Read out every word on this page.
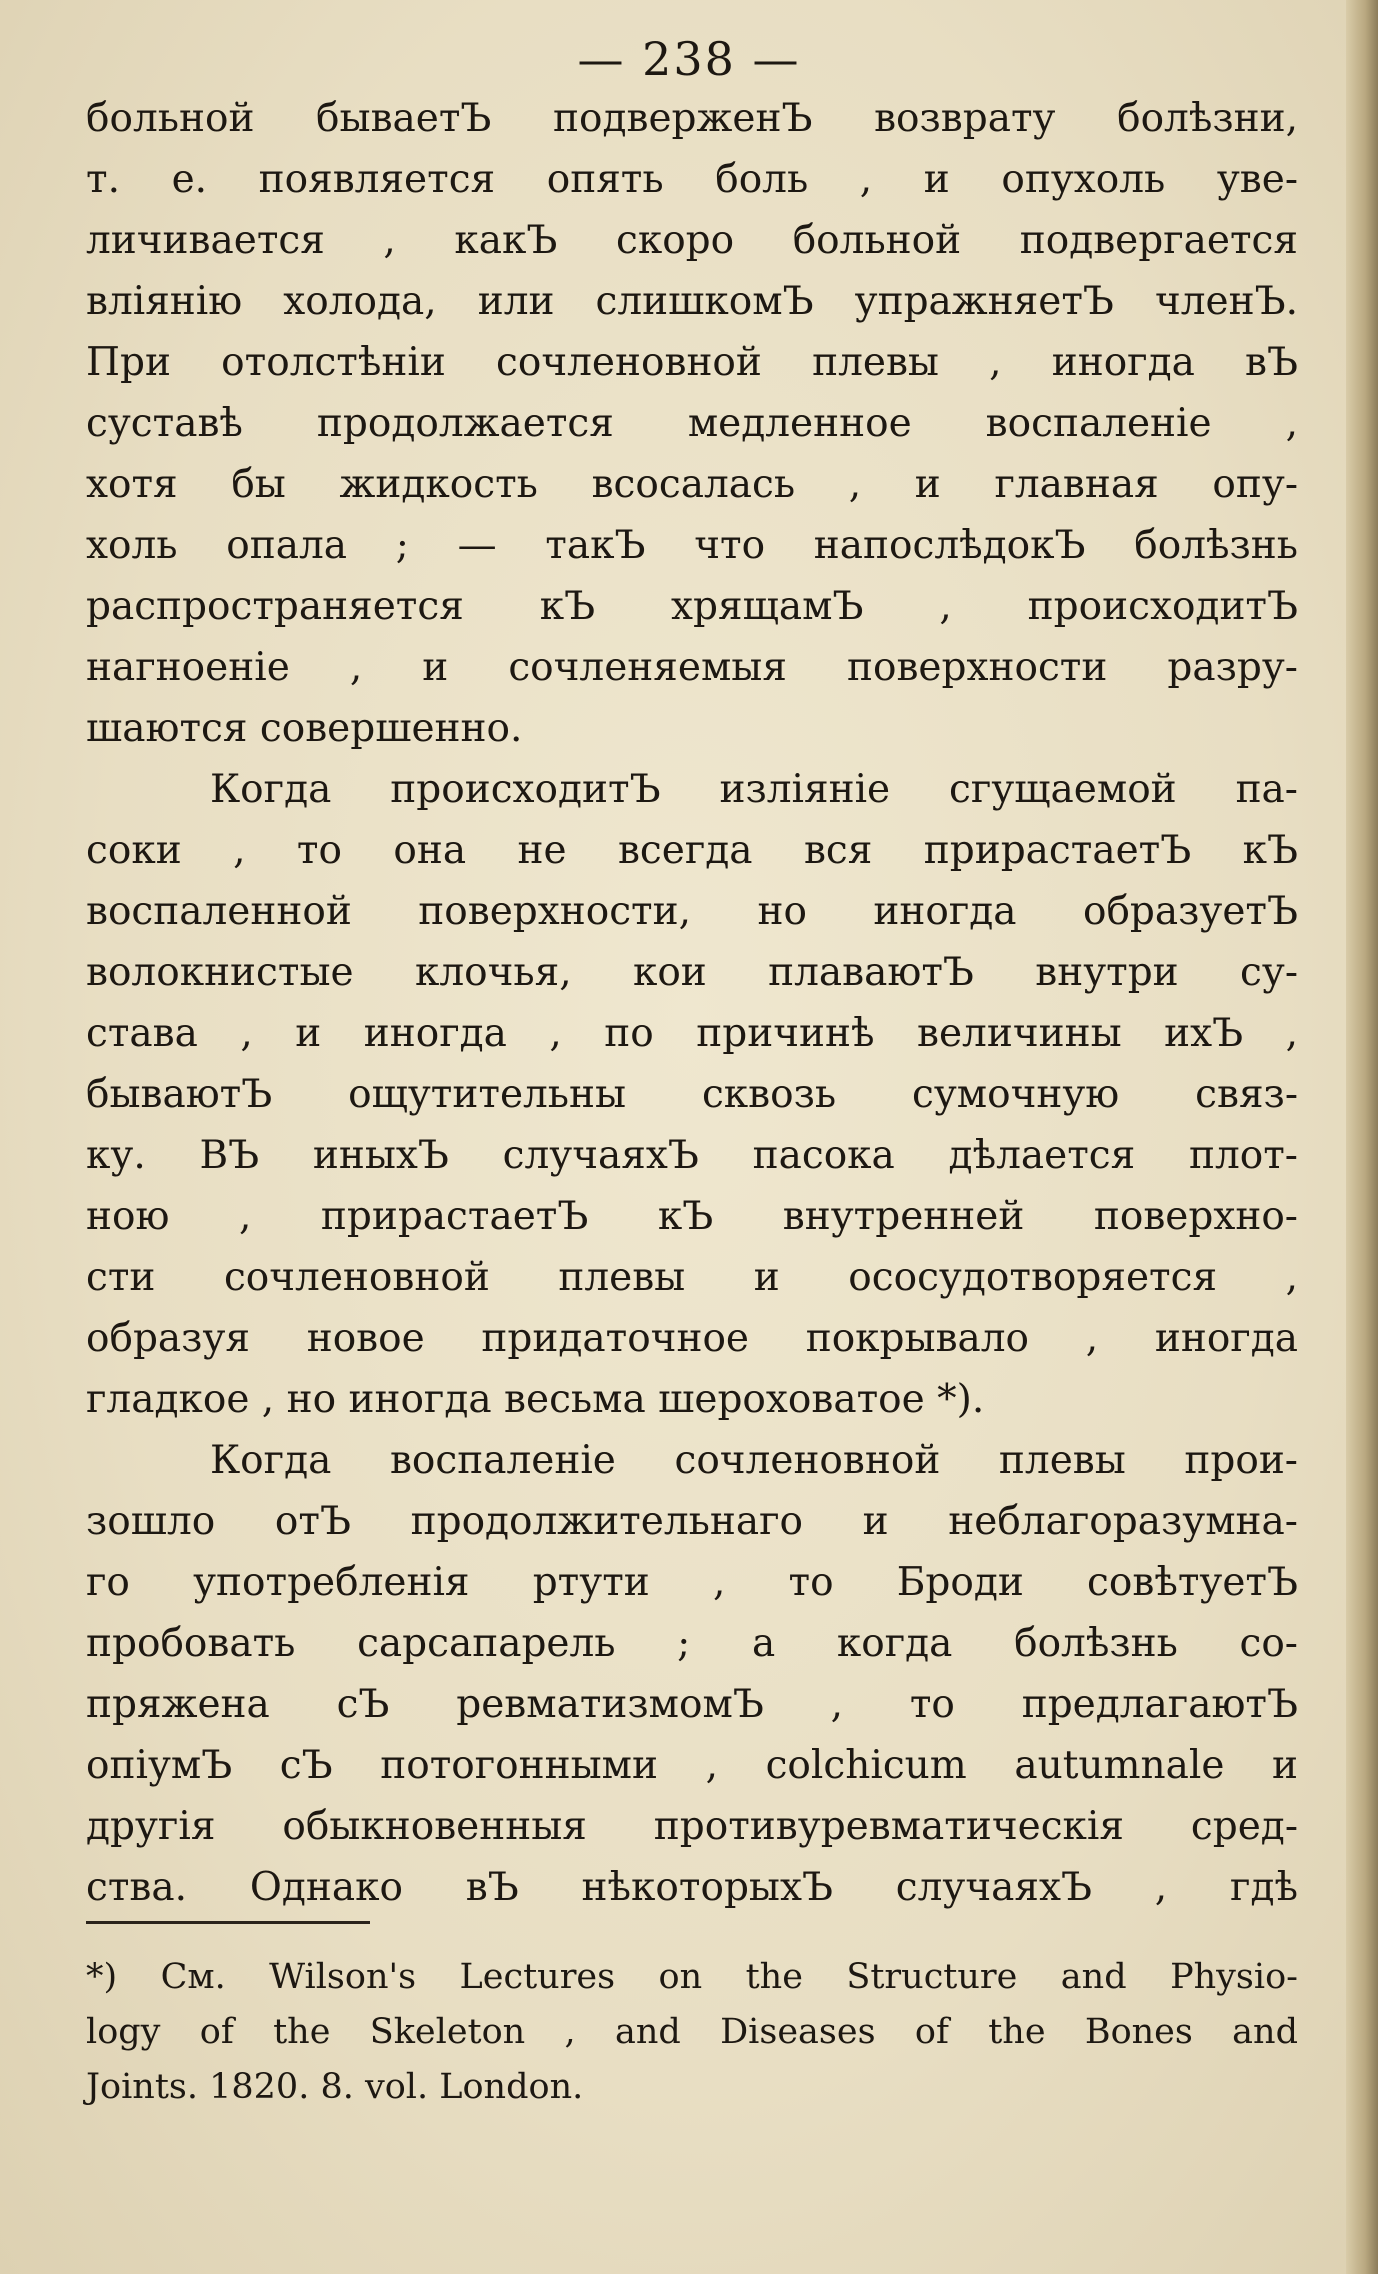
— 238 —
больной бываетЪ подверженЪ возврату болѣзни,
т. е. появляется опять боль , и опухоль уве-
личивается , какЪ скоро больной подвергается
влiянiю холода, или слишкомЪ упражняетЪ членЪ.
При отолстѣнiи сочленовной плевы , иногда вЪ
суставѣ продолжается медленное воспаленiе ,
хотя бы жидкость всосалась , и главная опу-
холь опала ; — такЪ что напослѣдокЪ болѣзнь
распространяется кЪ хрящамЪ , происходитЪ
нагноенiе , и сочленяемыя поверхности разру-
шаются совершенно.
Когда происходитЪ излiянiе сгущаемой па-
соки , то она не всегда вся прирастаетЪ кЪ
воспаленной поверхности, но иногда образуетЪ
волокнистые клочья, кои плаваютЪ внутри су-
става , и иногда , по причинѣ величины ихЪ ,
бываютЪ ощутительны сквозь сумочную связ-
ку. ВЪ иныхЪ случаяхЪ пасока дѣлается плот-
ною , прирастаетЪ кЪ внутренней поверхно-
сти сочленовной плевы и ососудотворяется ,
образуя новое придаточное покрывало , иногда
гладкое , но иногда весьма шероховатое *).
Когда воспаленiе сочленовной плевы прои-
зошло отЪ продолжительнаго и неблагоразумна-
го употребленiя ртути , то Броди совѣтуетЪ
пробовать сарсапарель ; а когда болѣзнь со-
пряжена сЪ ревматизмомЪ , то предлагаютЪ
опiумЪ сЪ потогонными , colchicum autumnale и
другiя обыкновенныя противуревматическiя сред-
ства. Однако вЪ нѣкоторыхЪ случаяхЪ , гдѣ
*) См. Wilson's Lectures on the Structure and Physio-
logy of the Skeleton , and Diseases of the Bones and
Joints. 1820. 8. vol. London.
